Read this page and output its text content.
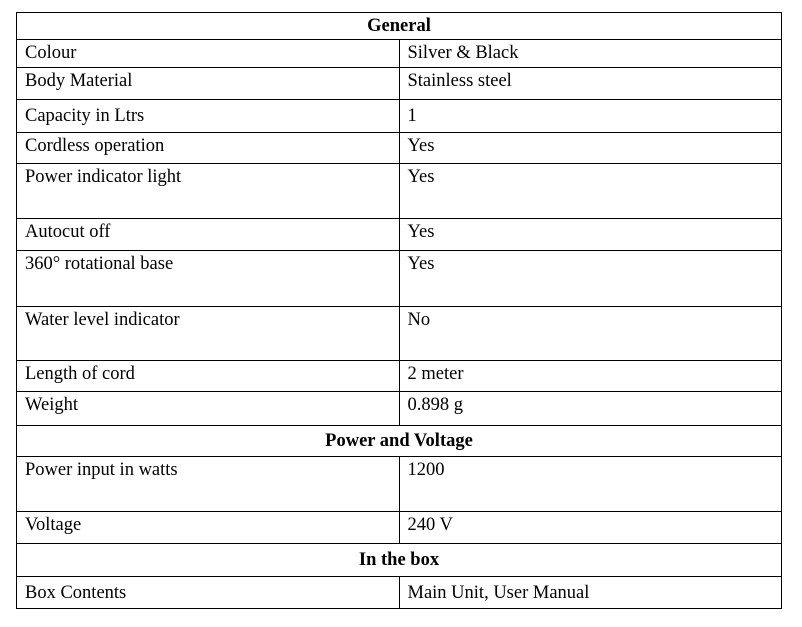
General	
Colour	Silver & Black
Body Material	Stainless steel
Capacity in Ltrs	1
Cordless operation	Yes
Power indicator light	Yes
Autocut off	Yes
360° rotational base	Yes
Water level indicator	No
Length of cord	2 meter
Weight	0.898 g
Power and Voltage	
Power input in watts	1200
Voltage	240 V
In the box	
Box Contents	Main Unit, User Manual
